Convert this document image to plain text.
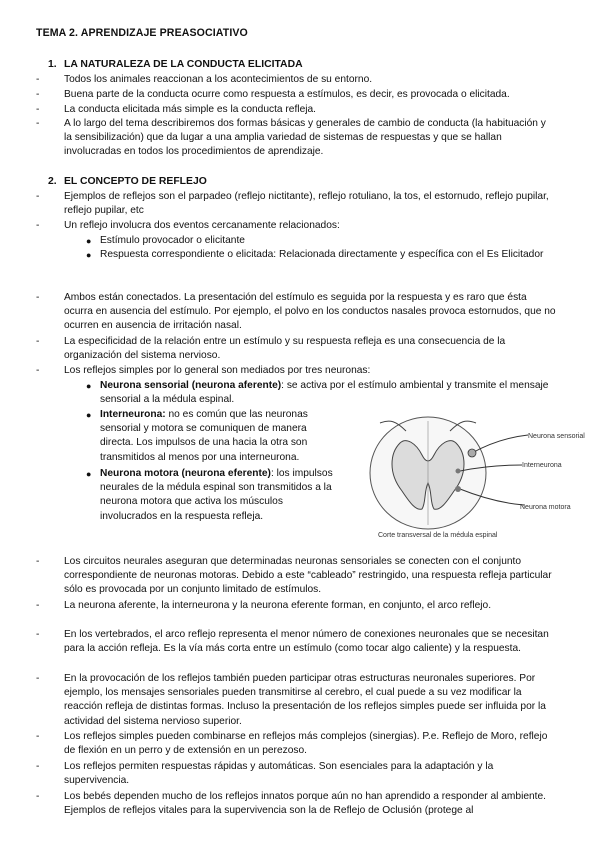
TEMA 2. APRENDIZAJE PREASOCIATIVO
1. LA NATURALEZA DE LA CONDUCTA ELICITADA
- Todos los animales reaccionan a los acontecimientos de su entorno.
- Buena parte de la conducta ocurre como respuesta a estímulos, es decir, es provocada o elicitada.
- La conducta elicitada más simple es la conducta refleja.
- A lo largo del tema describiremos dos formas básicas y generales de cambio de conducta (la habituación y la sensibilización) que da lugar a una amplia variedad de sistemas de respuestas y que se hallan involucradas en todos los procedimientos de aprendizaje.
2. EL CONCEPTO DE REFLEJO
- Ejemplos de reflejos son el parpadeo (reflejo nictitante), reflejo rotuliano, la tos, el estornudo, reflejo pupilar, reflejo pupilar, etc
- Un reflejo involucra dos eventos cercanamente relacionados:
● Estímulo provocador o elicitante
● Respuesta correspondiente o elicitada: Relacionada directamente y específica con el Es Elicitador
- Ambos están conectados. La presentación del estímulo es seguida por la respuesta y es raro que ésta ocurra en ausencia del estímulo. Por ejemplo, el polvo en los conductos nasales provoca estornudos, que no ocurren en ausencia de irritación nasal.
- La especificidad de la relación entre un estímulo y su respuesta refleja es una consecuencia de la organización del sistema nervioso.
- Los reflejos simples por lo general son mediados por tres neuronas:
● Neurona sensorial (neurona aferente): se activa por el estímulo ambiental y transmite el mensaje sensorial a la médula espinal.
● Interneurona: no es común que las neuronas sensorial y motora se comuniquen de manera directa. Los impulsos de una hacia la otra son transmitidos al menos por una interneurona.
● Neurona motora (neurona eferente): los impulsos neurales de la médula espinal son transmitidos a la neurona motora que activa los músculos involucrados en la respuesta refleja.
Neurona sensorial
Interneurona
Neurona motora
Corte transversal de la médula espinal
- Los circuitos neurales aseguran que determinadas neuronas sensoriales se conecten con el conjunto correspondiente de neuronas motoras. Debido a este “cableado” restringido, una respuesta refleja particular sólo es provocada por un conjunto limitado de estímulos.
- La neurona aferente, la interneurona y la neurona eferente forman, en conjunto, el arco reflejo.
- En los vertebrados, el arco reflejo representa el menor número de conexiones neuronales que se necesitan para la acción refleja. Es la vía más corta entre un estímulo (como tocar algo caliente) y la respuesta.
- En la provocación de los reflejos también pueden participar otras estructuras neuronales superiores. Por ejemplo, los mensajes sensoriales pueden transmitirse al cerebro, el cual puede a su vez modificar la reacción refleja de distintas formas. Incluso la presentación de los reflejos simples puede ser influida por la actividad del sistema nervioso superior.
- Los reflejos simples pueden combinarse en reflejos más complejos (sinergias). P.e. Reflejo de Moro, reflejo de flexión en un perro y de extensión en un perezoso.
- Los reflejos permiten respuestas rápidas y automáticas. Son esenciales para la adaptación y la supervivencia.
- Los bebés dependen mucho de los reflejos innatos porque aún no han aprendido a responder al ambiente. Ejemplos de reflejos vitales para la supervivencia son la de Reflejo de Oclusión (protege al
